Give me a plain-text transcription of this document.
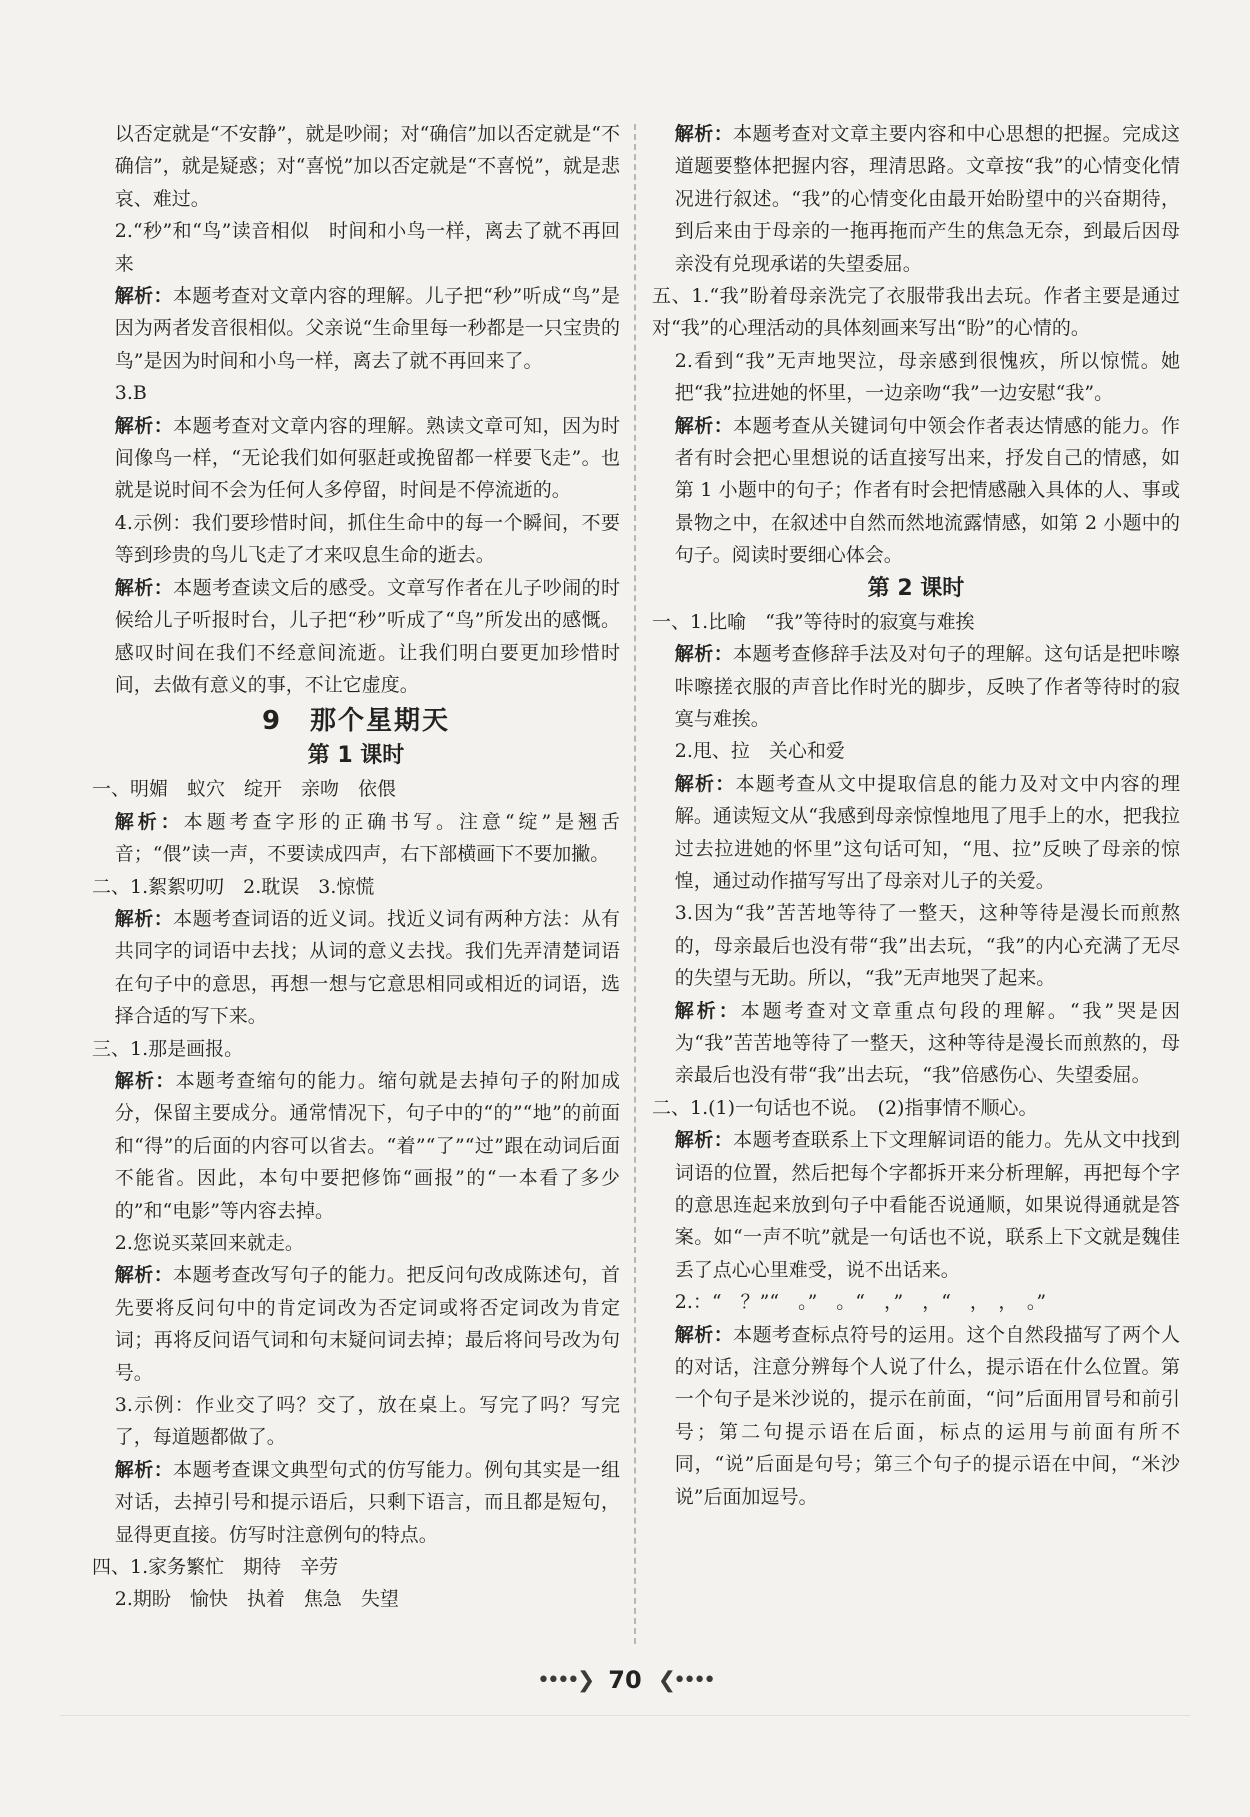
以否定就是“不安静”，就是吵闹；对“确信”加以否定就是“不确信”，就是疑惑；对“喜悦”加以否定就是“不喜悦”，就是悲哀、难过。

2.“秒”和“鸟”读音相似　时间和小鸟一样，离去了就不再回来

解析：本题考查对文章内容的理解。儿子把“秒”听成“鸟”是因为两者发音很相似。父亲说“生命里每一秒都是一只宝贵的鸟”是因为时间和小鸟一样，离去了就不再回来了。

3.B

解析：本题考查对文章内容的理解。熟读文章可知，因为时间像鸟一样，“无论我们如何驱赶或挽留都一样要飞走”。也就是说时间不会为任何人多停留，时间是不停流逝的。

4.示例：我们要珍惜时间，抓住生命中的每一个瞬间，不要等到珍贵的鸟儿飞走了才来叹息生命的逝去。

解析：本题考查读文后的感受。文章写作者在儿子吵闹的时候给儿子听报时台，儿子把“秒”听成了“鸟”所发出的感慨。感叹时间在我们不经意间流逝。让我们明白要更加珍惜时间，去做有意义的事，不让它虚度。

9 那个星期天
第 1 课时

一、明媚　蚁穴　绽开　亲吻　依偎

解析：本题考查字形的正确书写。注意“绽”是翘舌音；“偎”读一声，不要读成四声，右下部横画下不要加撇。

二、1.絮絮叨叨　2.耽误　3.惊慌

解析：本题考查词语的近义词。找近义词有两种方法：从有共同字的词语中去找；从词的意义去找。我们先弄清楚词语在句子中的意思，再想一想与它意思相同或相近的词语，选择合适的写下来。

三、1.那是画报。

解析：本题考查缩句的能力。缩句就是去掉句子的附加成分，保留主要成分。通常情况下，句子中的“的”“地”的前面和“得”的后面的内容可以省去。“着”“了”“过”跟在动词后面不能省。因此，本句中要把修饰“画报”的“一本看了多少的”和“电影”等内容去掉。

2.您说买菜回来就走。

解析：本题考查改写句子的能力。把反问句改成陈述句，首先要将反问句中的肯定词改为否定词或将否定词改为肯定词；再将反问语气词和句末疑问词去掉；最后将问号改为句号。

3.示例：作业交了吗？交了，放在桌上。写完了吗？写完了，每道题都做了。

解析：本题考查课文典型句式的仿写能力。例句其实是一组对话，去掉引号和提示语后，只剩下语言，而且都是短句，显得更直接。仿写时注意例句的特点。

四、1.家务繁忙　期待　辛劳

2.期盼　愉快　执着　焦急　失望

解析：本题考查对文章主要内容和中心思想的把握。完成这道题要整体把握内容，理清思路。文章按“我”的心情变化情况进行叙述。“我”的心情变化由最开始盼望中的兴奋期待，到后来由于母亲的一拖再拖而产生的焦急无奈，到最后因母亲没有兑现承诺的失望委屈。

五、1.“我”盼着母亲洗完了衣服带我出去玩。作者主要是通过对“我”的心理活动的具体刻画来写出“盼”的心情的。

2.看到“我”无声地哭泣，母亲感到很愧疚，所以惊慌。她把“我”拉进她的怀里，一边亲吻“我”一边安慰“我”。

解析：本题考查从关键词句中领会作者表达情感的能力。作者有时会把心里想说的话直接写出来，抒发自己的情感，如第 1 小题中的句子；作者有时会把情感融入具体的人、事或景物之中，在叙述中自然而然地流露情感，如第 2 小题中的句子。阅读时要细心体会。

第 2 课时

一、1.比喻　“我”等待时的寂寞与难挨

解析：本题考查修辞手法及对句子的理解。这句话是把咔嚓咔嚓搓衣服的声音比作时光的脚步，反映了作者等待时的寂寞与难挨。

2.甩、拉　关心和爱

解析：本题考查从文中提取信息的能力及对文中内容的理解。通读短文从“我感到母亲惊惶地甩了甩手上的水，把我拉过去拉进她的怀里”这句话可知，“甩、拉”反映了母亲的惊惶，通过动作描写写出了母亲对儿子的关爱。

3.因为“我”苦苦地等待了一整天，这种等待是漫长而煎熬的，母亲最后也没有带“我”出去玩，“我”的内心充满了无尽的失望与无助。所以，“我”无声地哭了起来。

解析：本题考查对文章重点句段的理解。“我”哭是因为“我”苦苦地等待了一整天，这种等待是漫长而煎熬的，母亲最后也没有带“我”出去玩，“我”倍感伤心、失望委屈。

二、1.(1)一句话也不说。　(2)指事情不顺心。

解析：本题考查联系上下文理解词语的能力。先从文中找到词语的位置，然后把每个字都拆开来分析理解，再把每个字的意思连起来放到句子中看能否说通顺，如果说得通就是答案。如“一声不吭”就是一句话也不说，联系上下文就是魏佳丢了点心心里难受，说不出话来。

2.：“　？”“　。”　。“　，”　，“　，　，　。”

解析：本题考查标点符号的运用。这个自然段描写了两个人的对话，注意分辨每个人说了什么，提示语在什么位置。第一个句子是米沙说的，提示在前面，“问”后面用冒号和前引号；第二句提示语在后面，标点的运用与前面有所不同，“说”后面是句号；第三个句子的提示语在中间，“米沙说”后面加逗号。

••••❯ 70 ❮••••
